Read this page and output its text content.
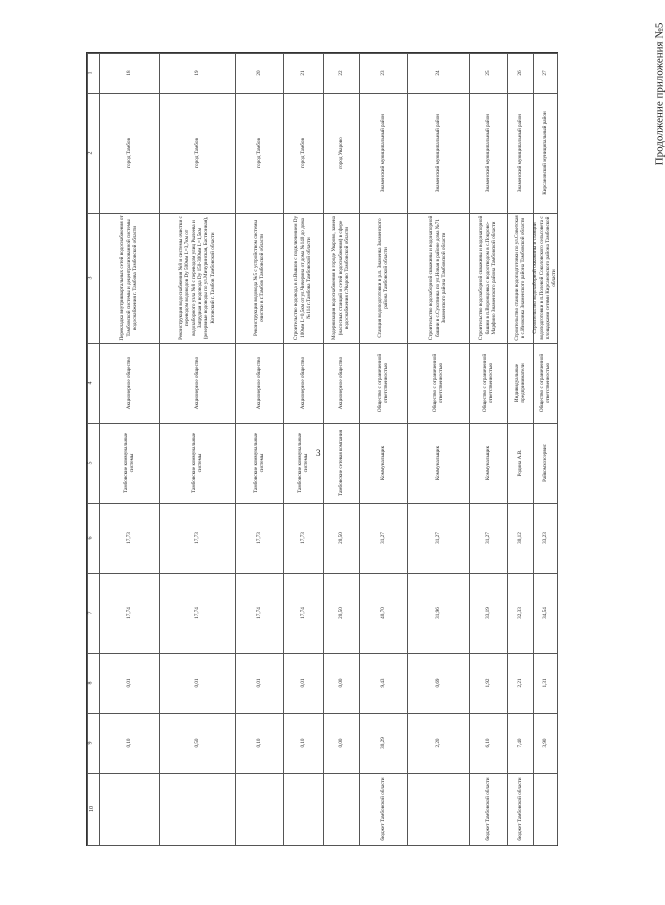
3
Продолжение приложения №5
1
2
3
4
5
6
7
8
9
10
18
город Тамбов
Перекладка внутриквартальных сетей водоснабжения от Тамбовской системы и децентрализованной системы водоснабжения г. Тамбова Тамбовской области
Акционерное общество
Тамбовские коммунальные системы
17,73
17,74
0,01
0,10
19
город Тамбов
Реконструкция водоснабжения №8 и системы очистки с переводом водоводов Dу 500мм L=3,7км от водозаборного узла №8 с переводом улиц Рылеева и Запрудная и водовода Dу 150-300мм L=1,5км (резервные водоводы по ул.Мичуринская, Бастионная), Котовский г. Тамбов Тамбовской области
Акционерное общество
Тамбовские коммунальные системы
17,73
17,74
0,01
0,50
20
город Тамбов
Реконструкция водовода №5 с устройством системы очистки в г.Тамбов Тамбовской области
Акционерное общество
Тамбовские коммунальные системы
17,73
17,74
0,01
0,10
21
город Тамбов
Строительство водовода в п.Вышов с подключением Dу 100мм L=0,5км от ул.Чичерина от дома №140 до дома №114 г.Тамбова Тамбовской области
Акционерное общество
Тамбовские коммунальные системы
17,73
17,74
0,01
0,10
22
город Уварово
Модернизация водоснабжения в городе Уварово, замена (насосных станций и сетей водоснабжения) в сфере водоснабжения г.Уварово Тамбовской области
Акционерное общество
Тамбовские сетевая компания
20,50
20,50
0,00
0,00
23
Знаменский муниципальный район
Станция водоподготовки в р.п. Знаменка Знаменского района Тамбовской области
Общество с ограниченной ответственностью
Коммунальщик
31,27
40,70
9,43
30,29
бюджет Тамбовской области
24
Знаменский муниципальный район
Строительство водозаборной скважины и водонапорной башни в с.Сухотинка по ул.Новая в районе дома №71 Знаменского района Тамбовской области
Общество с ограниченной ответственностью
Коммунальщик
31,27
31,96
0,69
2,20
25
Знаменский муниципальный район
Строительство водозаборной скважины и водонапорной башни в п.Воронцовка с водоотводом в с.Покрово-Марфино Знаменского района Тамбовской области
Общество с ограниченной ответственностью
Коммунальщик
31,27
33,19
1,92
6,10
бюджет Тамбовской области
26
Знаменский муниципальный район
Строительство станции водоподготовки по ул.Советская в с.Иноковка Знаменского района Тамбовской области
Индивидуальные предприниматели
Родина А.В.
30,12
32,33
2,21
7,40
бюджет Тамбовской области
27
Кирсановский муниципальный район
Строительство водозаборной скважины и станции водоподготовки в п.Полевой Соколовского сельсовета с площадками сетями Кирсановского района Тамбовской области
Общество с ограниченной ответственностью
Райкомхозсервис
33,23
34,54
1,31
3,90
